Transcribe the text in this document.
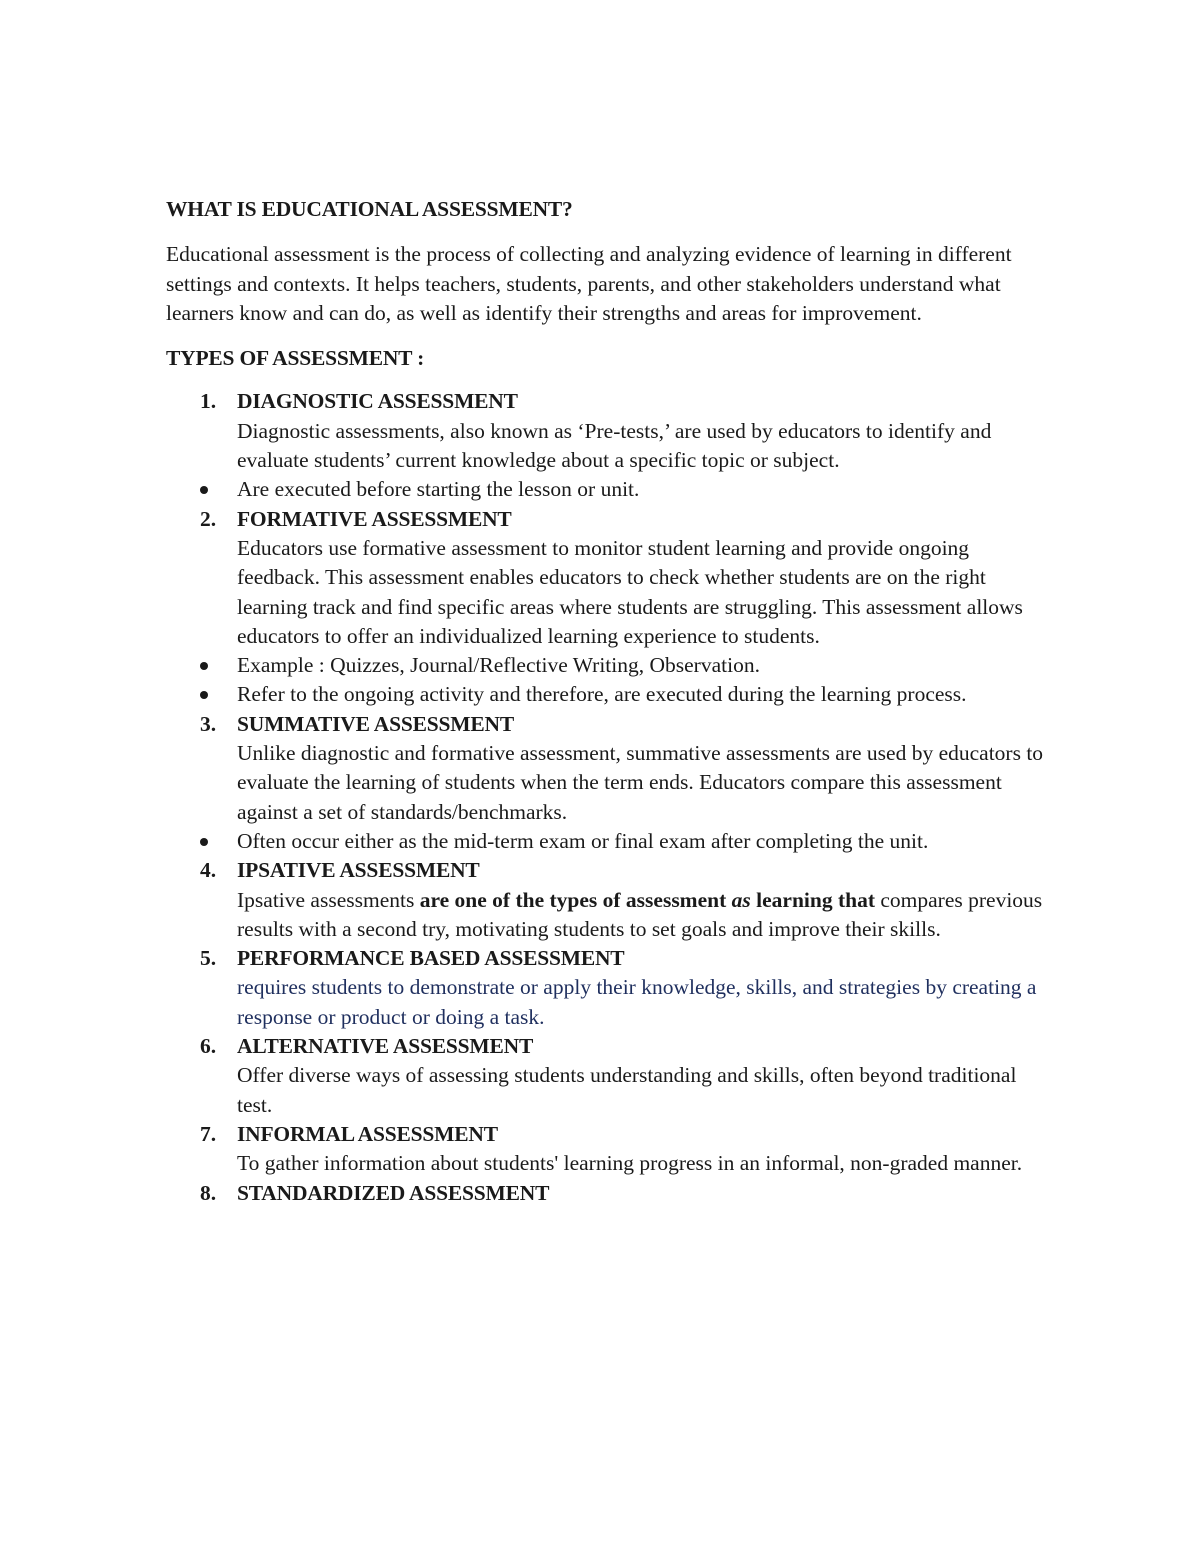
WHAT IS EDUCATIONAL ASSESSMENT?
Educational assessment is the process of collecting and analyzing evidence of learning in different settings and contexts. It helps teachers, students, parents, and other stakeholders understand what learners know and can do, as well as identify their strengths and areas for improvement.
TYPES OF ASSESSMENT :
1. DIAGNOSTIC ASSESSMENT
Diagnostic assessments, also known as ‘Pre-tests,’ are used by educators to identify and evaluate students’ current knowledge about a specific topic or subject.
Are executed before starting the lesson or unit.
2. FORMATIVE ASSESSMENT
Educators use formative assessment to monitor student learning and provide ongoing feedback. This assessment enables educators to check whether students are on the right learning track and find specific areas where students are struggling. This assessment allows educators to offer an individualized learning experience to students.
Example : Quizzes, Journal/Reflective Writing, Observation.
Refer to the ongoing activity and therefore, are executed during the learning process.
3. SUMMATIVE ASSESSMENT
Unlike diagnostic and formative assessment, summative assessments are used by educators to evaluate the learning of students when the term ends. Educators compare this assessment against a set of standards/benchmarks.
Often occur either as the mid-term exam or final exam after completing the unit.
4. IPSATIVE ASSESSMENT
Ipsative assessments are one of the types of assessment as learning that compares previous results with a second try, motivating students to set goals and improve their skills.
5. PERFORMANCE BASED ASSESSMENT
requires students to demonstrate or apply their knowledge, skills, and strategies by creating a response or product or doing a task.
6. ALTERNATIVE ASSESSMENT
Offer diverse ways of assessing students understanding and skills, often beyond traditional test.
7. INFORMAL ASSESSMENT
To gather information about students' learning progress in an informal, non-graded manner.
8. STANDARDIZED ASSESSMENT
